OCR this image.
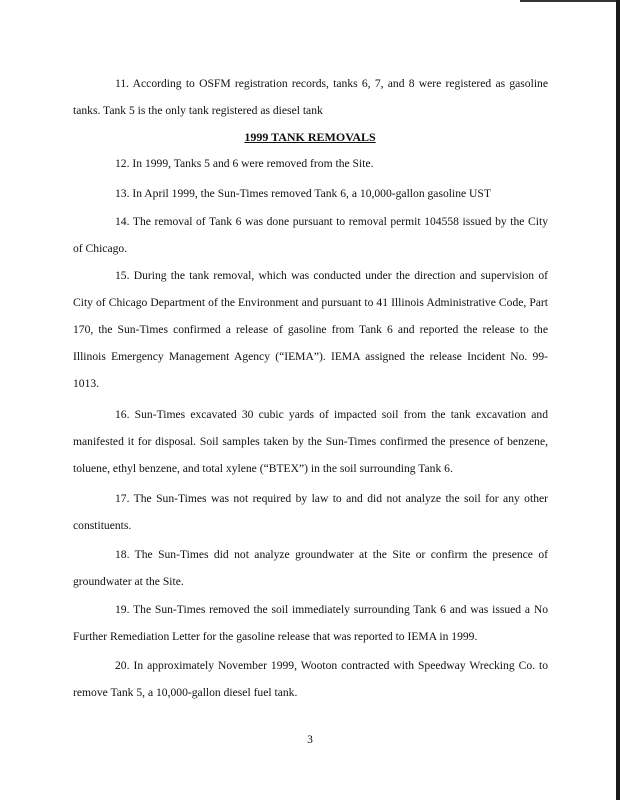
11. According to OSFM registration records, tanks 6, 7, and 8 were registered as gasoline tanks. Tank 5 is the only tank registered as diesel tank

1999 TANK REMOVALS

12. In 1999, Tanks 5 and 6 were removed from the Site.

13. In April 1999, the Sun-Times removed Tank 6, a 10,000-gallon gasoline UST

14. The removal of Tank 6 was done pursuant to removal permit 104558 issued by the City of Chicago.

15. During the tank removal, which was conducted under the direction and supervision of City of Chicago Department of the Environment and pursuant to 41 Illinois Administrative Code, Part 170, the Sun-Times confirmed a release of gasoline from Tank 6 and reported the release to the Illinois Emergency Management Agency (“IEMA”). IEMA assigned the release Incident No. 99-1013.

16. Sun-Times excavated 30 cubic yards of impacted soil from the tank excavation and manifested it for disposal. Soil samples taken by the Sun-Times confirmed the presence of benzene, toluene, ethyl benzene, and total xylene (“BTEX”) in the soil surrounding Tank 6.

17. The Sun-Times was not required by law to and did not analyze the soil for any other constituents.

18. The Sun-Times did not analyze groundwater at the Site or confirm the presence of groundwater at the Site.

19. The Sun-Times removed the soil immediately surrounding Tank 6 and was issued a No Further Remediation Letter for the gasoline release that was reported to IEMA in 1999.

20. In approximately November 1999, Wooton contracted with Speedway Wrecking Co. to remove Tank 5, a 10,000-gallon diesel fuel tank.

3
